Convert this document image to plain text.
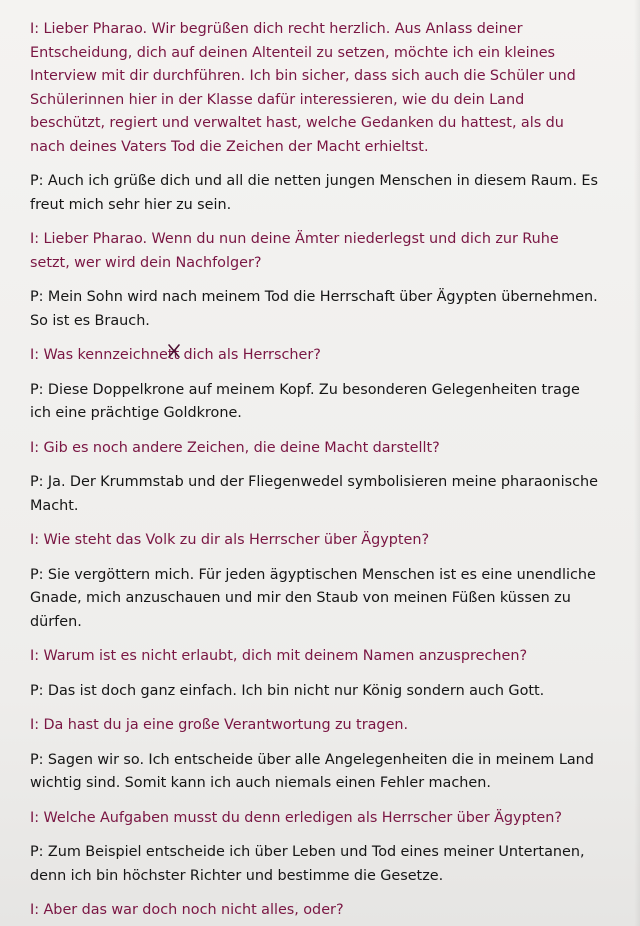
I: Lieber Pharao. Wir begrüßen dich recht herzlich. Aus Anlass deiner Entscheidung, dich auf deinen Altenteil zu setzen, möchte ich ein kleines Interview mit dir durchführen. Ich bin sicher, dass sich auch die Schüler und Schülerinnen hier in der Klasse dafür interessieren, wie du dein Land beschützt, regiert und verwaltet hast, welche Gedanken du hattest, als du nach deines Vaters Tod die Zeichen der Macht erhieltst.

P: Auch ich grüße dich und all die netten jungen Menschen in diesem Raum. Es freut mich sehr hier zu sein.

I: Lieber Pharao. Wenn du nun deine Ämter niederlegst und dich zur Ruhe setzt, wer wird dein Nachfolger?

P: Mein Sohn wird nach meinem Tod die Herrschaft über Ägypten übernehmen. So ist es Brauch.

I: Was kennzeichnett
dich als Herrscher?

P: Diese Doppelkrone auf meinem Kopf. Zu besonderen Gelegenheiten trage ich eine prächtige Goldkrone.

I: Gib es noch andere Zeichen, die deine Macht darstellt?

P: Ja. Der Krummstab und der Fliegenwedel symbolisieren meine pharaonische Macht.

I: Wie steht das Volk zu dir als Herrscher über Ägypten?

P: Sie vergöttern mich. Für jeden ägyptischen Menschen ist es eine unendliche Gnade, mich anzuschauen und mir den Staub von meinen Füßen küssen zu dürfen.

I: Warum ist es nicht erlaubt, dich mit deinem Namen anzusprechen?

P: Das ist doch ganz einfach. Ich bin nicht nur König sondern auch Gott.

I: Da hast du ja eine große Verantwortung zu tragen.

P: Sagen wir so. Ich entscheide über alle Angelegenheiten die in meinem Land wichtig sind. Somit kann ich auch niemals einen Fehler machen.

I: Welche Aufgaben musst du denn erledigen als Herrscher über Ägypten?

P: Zum Beispiel entscheide ich über Leben und Tod eines meiner Untertanen, denn ich bin höchster Richter und bestimme die Gesetze.

I: Aber das war doch noch nicht alles, oder?
